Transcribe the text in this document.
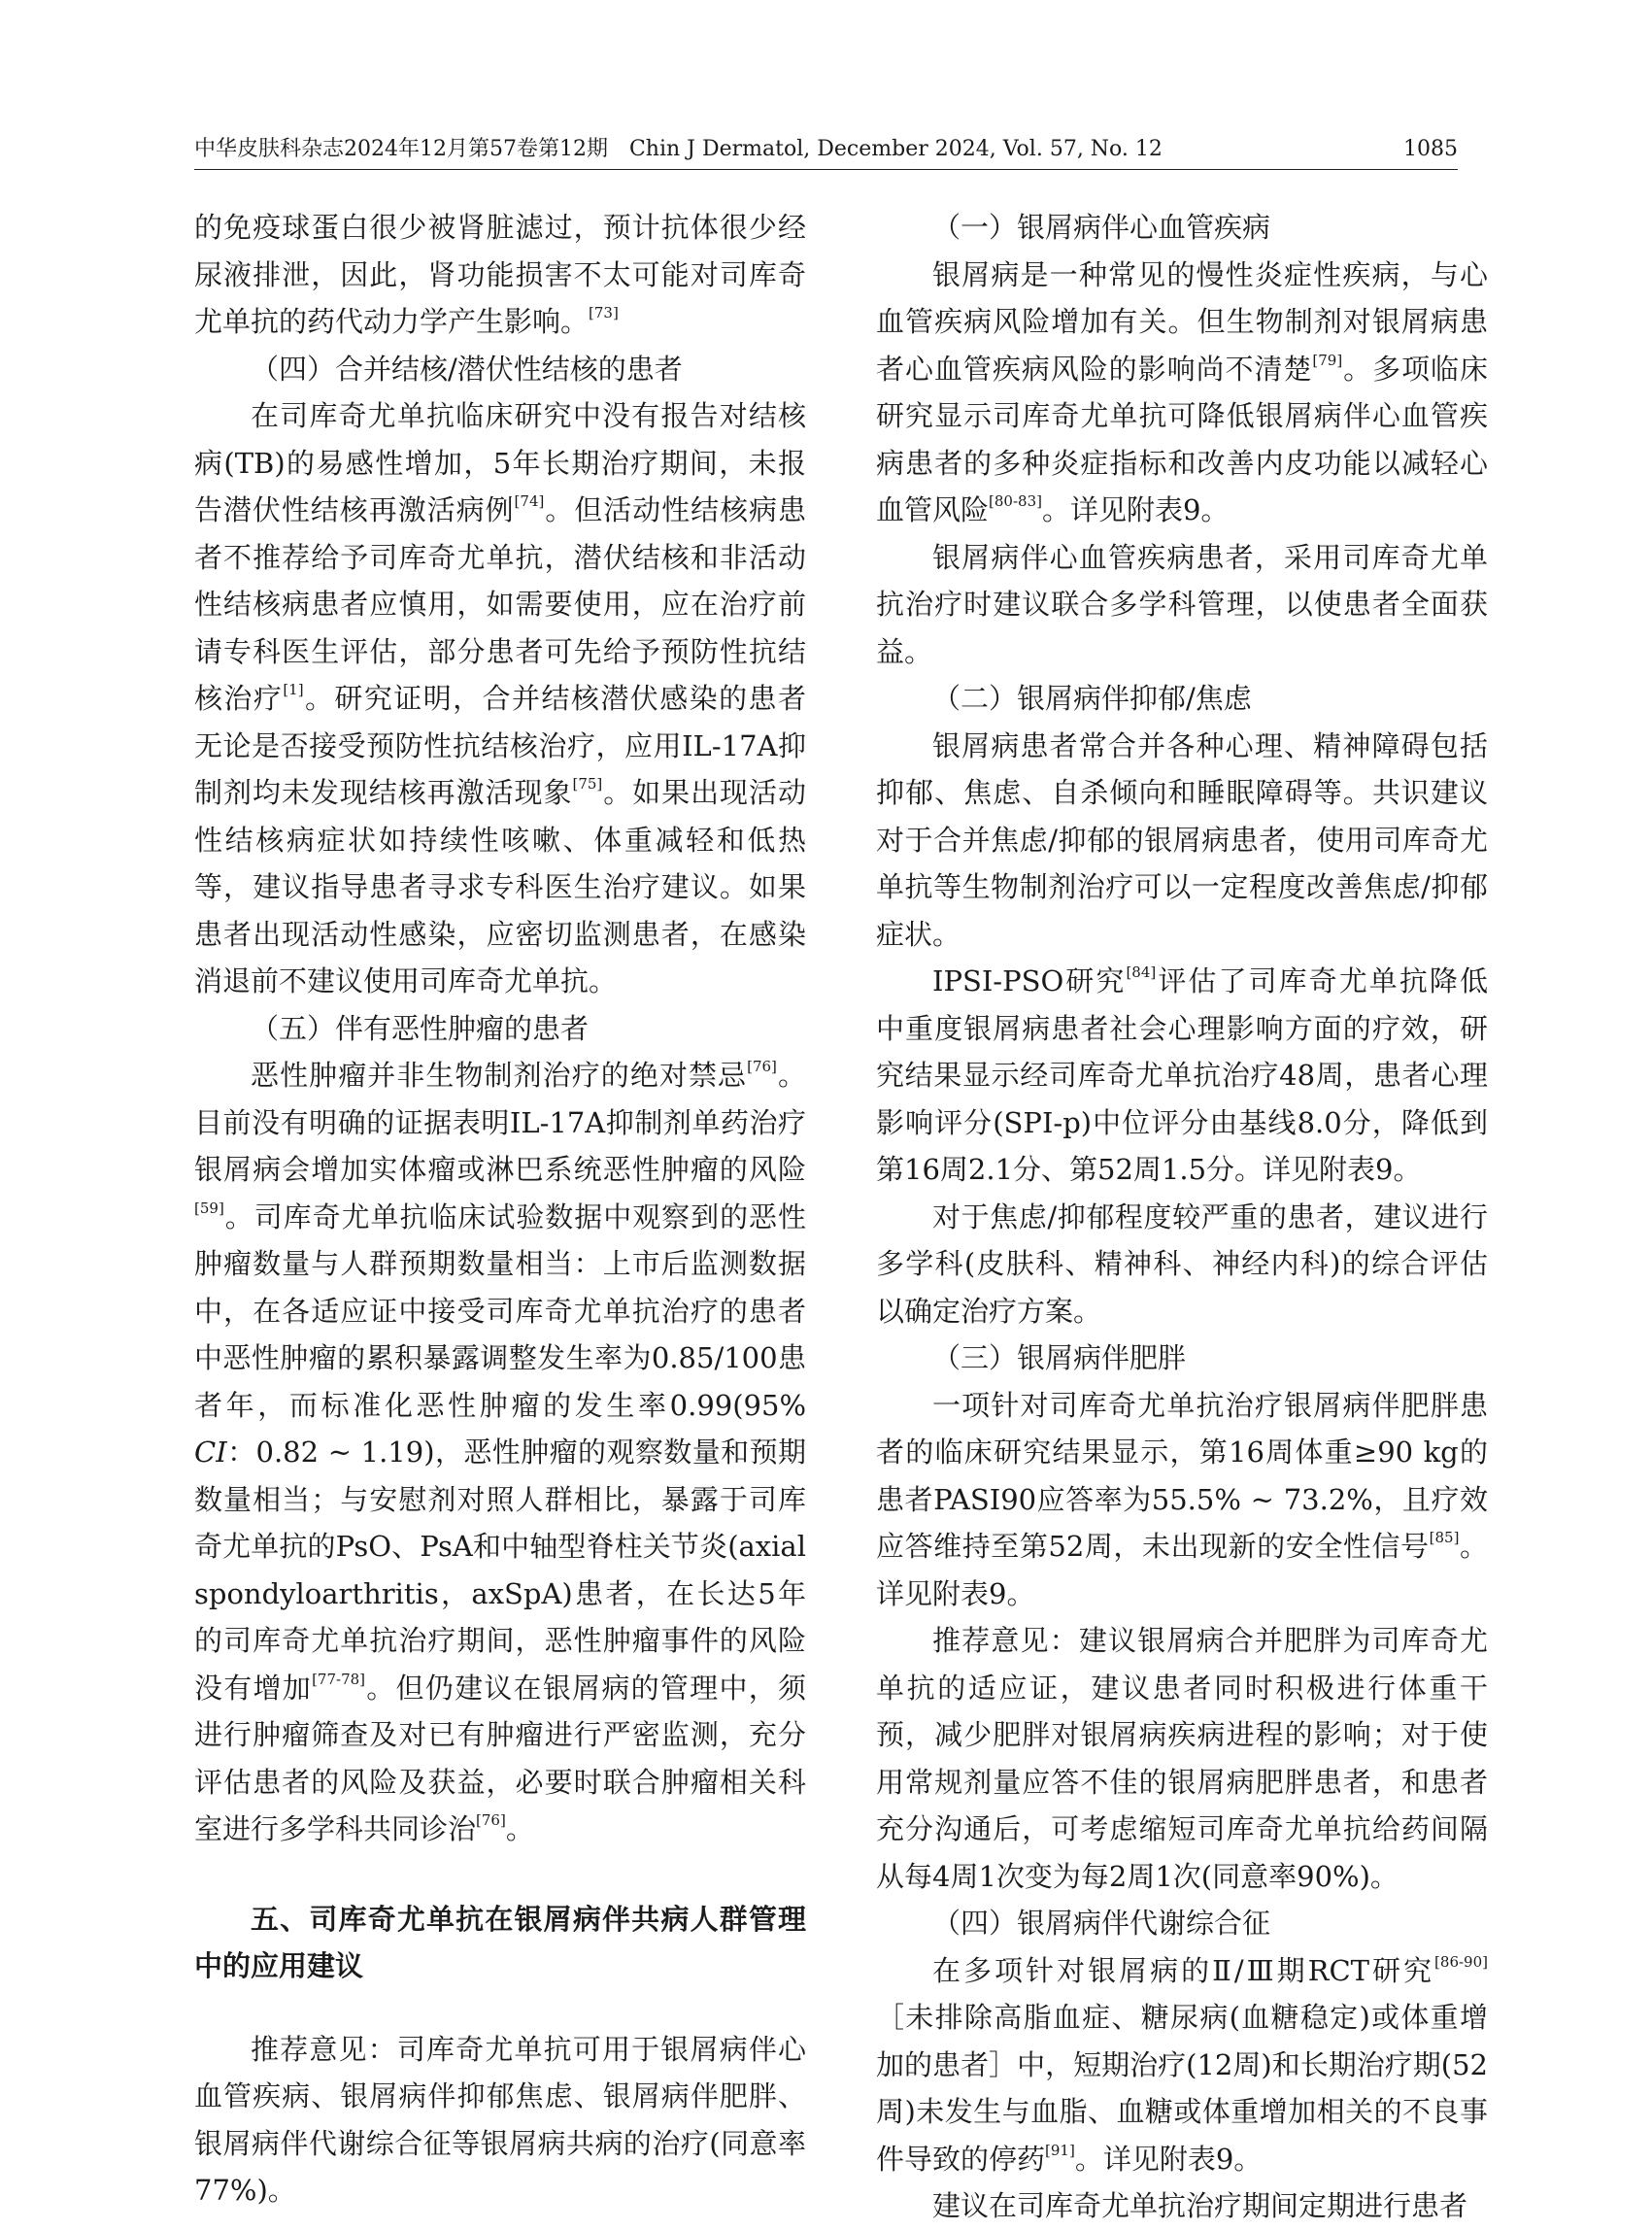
中华皮肤科杂志2024年12月第57卷第12期　Chin J Dermatol, December 2024, Vol. 57, No. 12	1085

的免疫球蛋白很少被肾脏滤过，预计抗体很少经尿液排泄，因此，肾功能损害不太可能对司库奇尤单抗的药代动力学产生影响。[73]

（四）合并结核/潜伏性结核的患者

在司库奇尤单抗临床研究中没有报告对结核病(TB)的易感性增加，5年长期治疗期间，未报告潜伏性结核再激活病例[74]。但活动性结核病患者不推荐给予司库奇尤单抗，潜伏结核和非活动性结核病患者应慎用，如需要使用，应在治疗前请专科医生评估，部分患者可先给予预防性抗结核治疗[1]。研究证明，合并结核潜伏感染的患者无论是否接受预防性抗结核治疗，应用IL-17A抑制剂均未发现结核再激活现象[75]。如果出现活动性结核病症状如持续性咳嗽、体重减轻和低热等，建议指导患者寻求专科医生治疗建议。如果患者出现活动性感染，应密切监测患者，在感染消退前不建议使用司库奇尤单抗。

（五）伴有恶性肿瘤的患者

恶性肿瘤并非生物制剂治疗的绝对禁忌[76]。目前没有明确的证据表明IL-17A抑制剂单药治疗银屑病会增加实体瘤或淋巴系统恶性肿瘤的风险[59]。司库奇尤单抗临床试验数据中观察到的恶性肿瘤数量与人群预期数量相当：上市后监测数据中，在各适应证中接受司库奇尤单抗治疗的患者中恶性肿瘤的累积暴露调整发生率为0.85/100患者年，而标准化恶性肿瘤的发生率0.99(95% CI：0.82 ~ 1.19)，恶性肿瘤的观察数量和预期数量相当；与安慰剂对照人群相比，暴露于司库奇尤单抗的PsO、PsA和中轴型脊柱关节炎(axial spondyloarthritis，axSpA)患者，在长达5年的司库奇尤单抗治疗期间，恶性肿瘤事件的风险没有增加[77-78]。但仍建议在银屑病的管理中，须进行肿瘤筛查及对已有肿瘤进行严密监测，充分评估患者的风险及获益，必要时联合肿瘤相关科室进行多学科共同诊治[76]。

五、司库奇尤单抗在银屑病伴共病人群管理中的应用建议

推荐意见：司库奇尤单抗可用于银屑病伴心血管疾病、银屑病伴抑郁焦虑、银屑病伴肥胖、银屑病伴代谢综合征等银屑病共病的治疗(同意率77%)。

（一）银屑病伴心血管疾病

银屑病是一种常见的慢性炎症性疾病，与心血管疾病风险增加有关。但生物制剂对银屑病患者心血管疾病风险的影响尚不清楚[79]。多项临床研究显示司库奇尤单抗可降低银屑病伴心血管疾病患者的多种炎症指标和改善内皮功能以减轻心血管风险[80-83]。详见附表9。

银屑病伴心血管疾病患者，采用司库奇尤单抗治疗时建议联合多学科管理，以使患者全面获益。

（二）银屑病伴抑郁/焦虑

银屑病患者常合并各种心理、精神障碍包括抑郁、焦虑、自杀倾向和睡眠障碍等。共识建议对于合并焦虑/抑郁的银屑病患者，使用司库奇尤单抗等生物制剂治疗可以一定程度改善焦虑/抑郁症状。

IPSI-PSO研究[84]评估了司库奇尤单抗降低中重度银屑病患者社会心理影响方面的疗效，研究结果显示经司库奇尤单抗治疗48周，患者心理影响评分(SPI-p)中位评分由基线8.0分，降低到第16周2.1分、第52周1.5分。详见附表9。

对于焦虑/抑郁程度较严重的患者，建议进行多学科(皮肤科、精神科、神经内科)的综合评估以确定治疗方案。

（三）银屑病伴肥胖

一项针对司库奇尤单抗治疗银屑病伴肥胖患者的临床研究结果显示，第16周体重≥90 kg的患者PASI90应答率为55.5% ~ 73.2%，且疗效应答维持至第52周，未出现新的安全性信号[85]。详见附表9。

推荐意见：建议银屑病合并肥胖为司库奇尤单抗的适应证，建议患者同时积极进行体重干预，减少肥胖对银屑病疾病进程的影响；对于使用常规剂量应答不佳的银屑病肥胖患者，和患者充分沟通后，可考虑缩短司库奇尤单抗给药间隔从每4周1次变为每2周1次(同意率90%)。

（四）银屑病伴代谢综合征

在多项针对银屑病的Ⅱ/Ⅲ期RCT研究[86-90]［未排除高脂血症、糖尿病(血糖稳定)或体重增加的患者］中，短期治疗(12周)和长期治疗期(52周)未发生与血脂、血糖或体重增加相关的不良事件导致的停药[91]。详见附表9。

建议在司库奇尤单抗治疗期间定期进行患者
